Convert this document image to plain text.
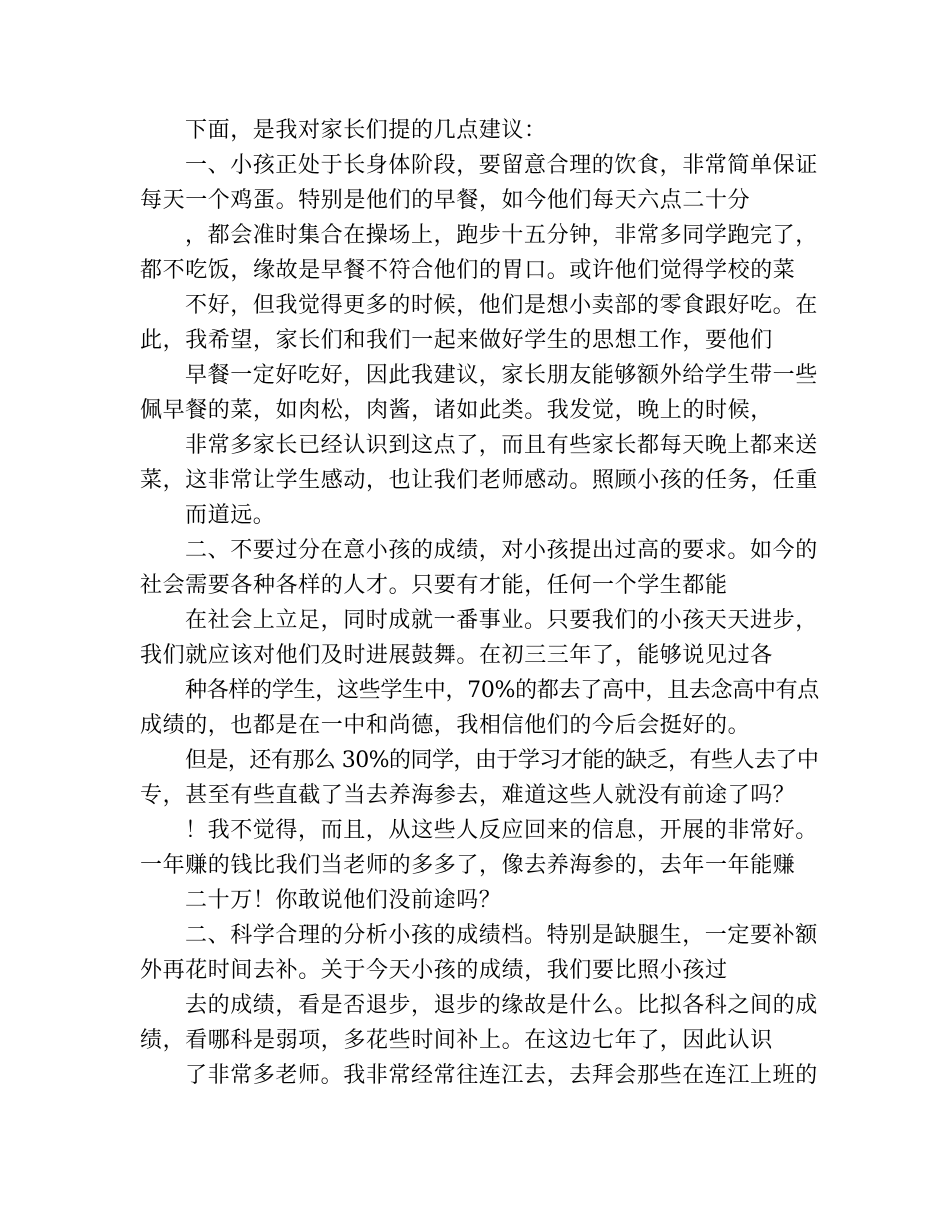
下面，是我对家长们提的几点建议：
一、小孩正处于长身体阶段，要留意合理的饮食，非常简单保证
每天一个鸡蛋。特别是他们的早餐，如今他们每天六点二十分
，都会准时集合在操场上，跑步十五分钟，非常多同学跑完了，
都不吃饭，缘故是早餐不符合他们的胃口。或许他们觉得学校的菜
不好，但我觉得更多的时候，他们是想小卖部的零食跟好吃。在
此，我希望，家长们和我们一起来做好学生的思想工作，要他们
早餐一定好吃好，因此我建议，家长朋友能够额外给学生带一些
佩早餐的菜，如肉松，肉酱，诸如此类。我发觉，晚上的时候，
非常多家长已经认识到这点了，而且有些家长都每天晚上都来送
菜，这非常让学生感动，也让我们老师感动。照顾小孩的任务，任重
而道远。
二、不要过分在意小孩的成绩，对小孩提出过高的要求。如今的
社会需要各种各样的人才。只要有才能，任何一个学生都能
在社会上立足，同时成就一番事业。只要我们的小孩天天进步，
我们就应该对他们及时进展鼓舞。在初三三年了，能够说见过各
种各样的学生，这些学生中，70%的都去了高中，且去念高中有点
成绩的，也都是在一中和尚德，我相信他们的今后会挺好的。
但是，还有那么 30%的同学，由于学习才能的缺乏，有些人去了中
专，甚至有些直截了当去养海参去，难道这些人就没有前途了吗？
！我不觉得，而且，从这些人反应回来的信息，开展的非常好。
一年赚的钱比我们当老师的多多了，像去养海参的，去年一年能赚
二十万！你敢说他们没前途吗？
二、科学合理的分析小孩的成绩档。特别是缺腿生，一定要补额
外再花时间去补。关于今天小孩的成绩，我们要比照小孩过
去的成绩，看是否退步，退步的缘故是什么。比拟各科之间的成
绩，看哪科是弱项，多花些时间补上。在这边七年了，因此认识
了非常多老师。我非常经常往连江去，去拜会那些在连江上班的
